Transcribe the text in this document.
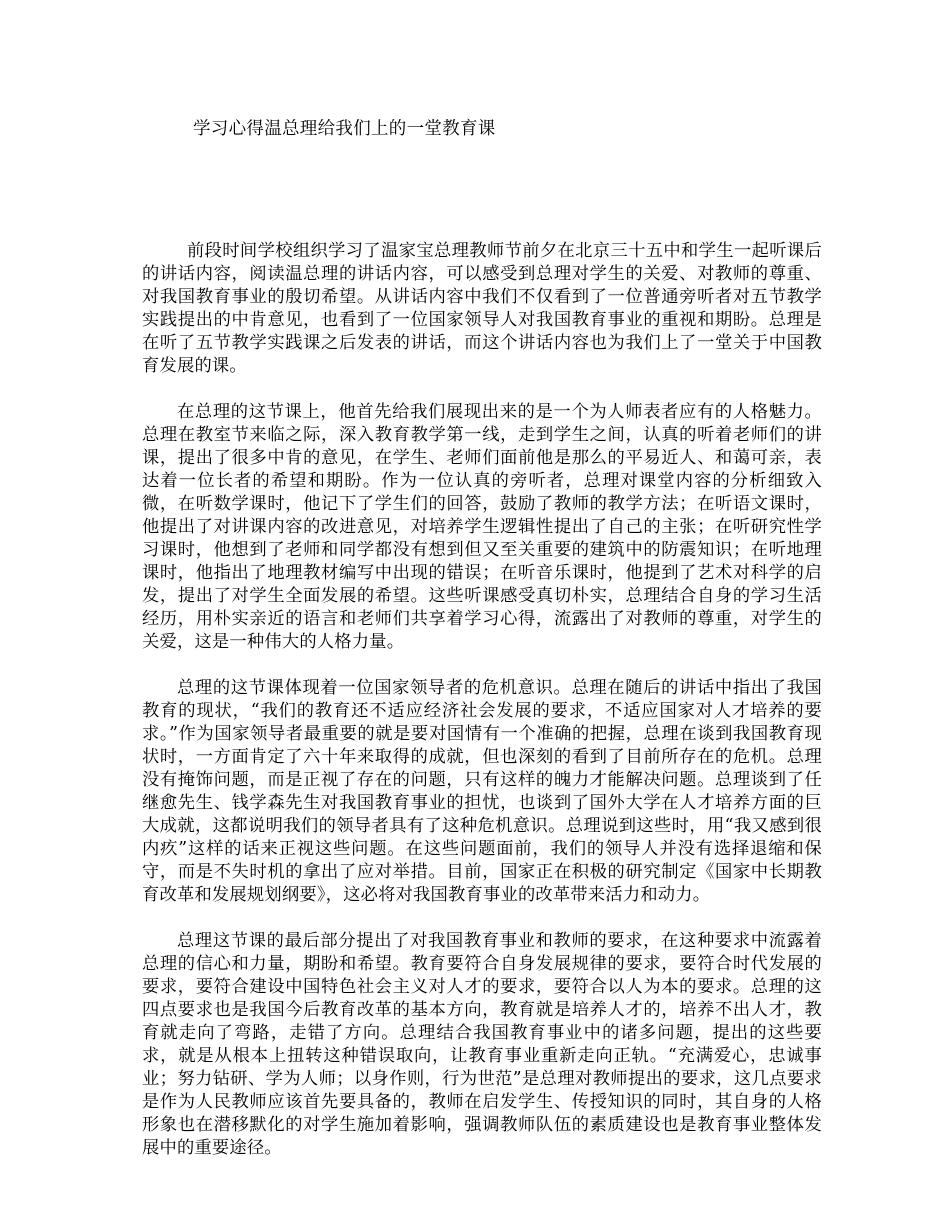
学习心得温总理给我们上的一堂教育课

前段时间学校组织学习了温家宝总理教师节前夕在北京三十五中和学生一起听课后的讲话内容，阅读温总理的讲话内容，可以感受到总理对学生的关爱、对教师的尊重、对我国教育事业的殷切希望。从讲话内容中我们不仅看到了一位普通旁听者对五节教学实践提出的中肯意见，也看到了一位国家领导人对我国教育事业的重视和期盼。总理是在听了五节教学实践课之后发表的讲话，而这个讲话内容也为我们上了一堂关于中国教育发展的课。

在总理的这节课上，他首先给我们展现出来的是一个为人师表者应有的人格魅力。总理在教室节来临之际，深入教育教学第一线，走到学生之间，认真的听着老师们的讲课，提出了很多中肯的意见，在学生、老师们面前他是那么的平易近人、和蔼可亲，表达着一位长者的希望和期盼。作为一位认真的旁听者，总理对课堂内容的分析细致入微，在听数学课时，他记下了学生们的回答，鼓励了教师的教学方法；在听语文课时，他提出了对讲课内容的改进意见，对培养学生逻辑性提出了自己的主张；在听研究性学习课时，他想到了老师和同学都没有想到但又至关重要的建筑中的防震知识；在听地理课时，他指出了地理教材编写中出现的错误；在听音乐课时，他提到了艺术对科学的启发，提出了对学生全面发展的希望。这些听课感受真切朴实，总理结合自身的学习生活经历，用朴实亲近的语言和老师们共享着学习心得，流露出了对教师的尊重，对学生的关爱，这是一种伟大的人格力量。

总理的这节课体现着一位国家领导者的危机意识。总理在随后的讲话中指出了我国教育的现状，“我们的教育还不适应经济社会发展的要求，不适应国家对人才培养的要求。”作为国家领导者最重要的就是要对国情有一个准确的把握，总理在谈到我国教育现状时，一方面肯定了六十年来取得的成就，但也深刻的看到了目前所存在的危机。总理没有掩饰问题，而是正视了存在的问题，只有这样的魄力才能解决问题。总理谈到了任继愈先生、钱学森先生对我国教育事业的担忧，也谈到了国外大学在人才培养方面的巨大成就，这都说明我们的领导者具有了这种危机意识。总理说到这些时，用“我又感到很内疚”这样的话来正视这些问题。在这些问题面前，我们的领导人并没有选择退缩和保守，而是不失时机的拿出了应对举措。目前，国家正在积极的研究制定《国家中长期教育改革和发展规划纲要》，这必将对我国教育事业的改革带来活力和动力。

总理这节课的最后部分提出了对我国教育事业和教师的要求，在这种要求中流露着总理的信心和力量，期盼和希望。教育要符合自身发展规律的要求，要符合时代发展的要求，要符合建设中国特色社会主义对人才的要求，要符合以人为本的要求。总理的这四点要求也是我国今后教育改革的基本方向，教育就是培养人才的，培养不出人才，教育就走向了弯路，走错了方向。总理结合我国教育事业中的诸多问题，提出的这些要求，就是从根本上扭转这种错误取向，让教育事业重新走向正轨。“充满爱心，忠诚事业；努力钻研、学为人师；以身作则，行为世范”是总理对教师提出的要求，这几点要求是作为人民教师应该首先要具备的，教师在启发学生、传授知识的同时，其自身的人格形象也在潜移默化的对学生施加着影响，强调教师队伍的素质建设也是教育事业整体发展中的重要途径。
